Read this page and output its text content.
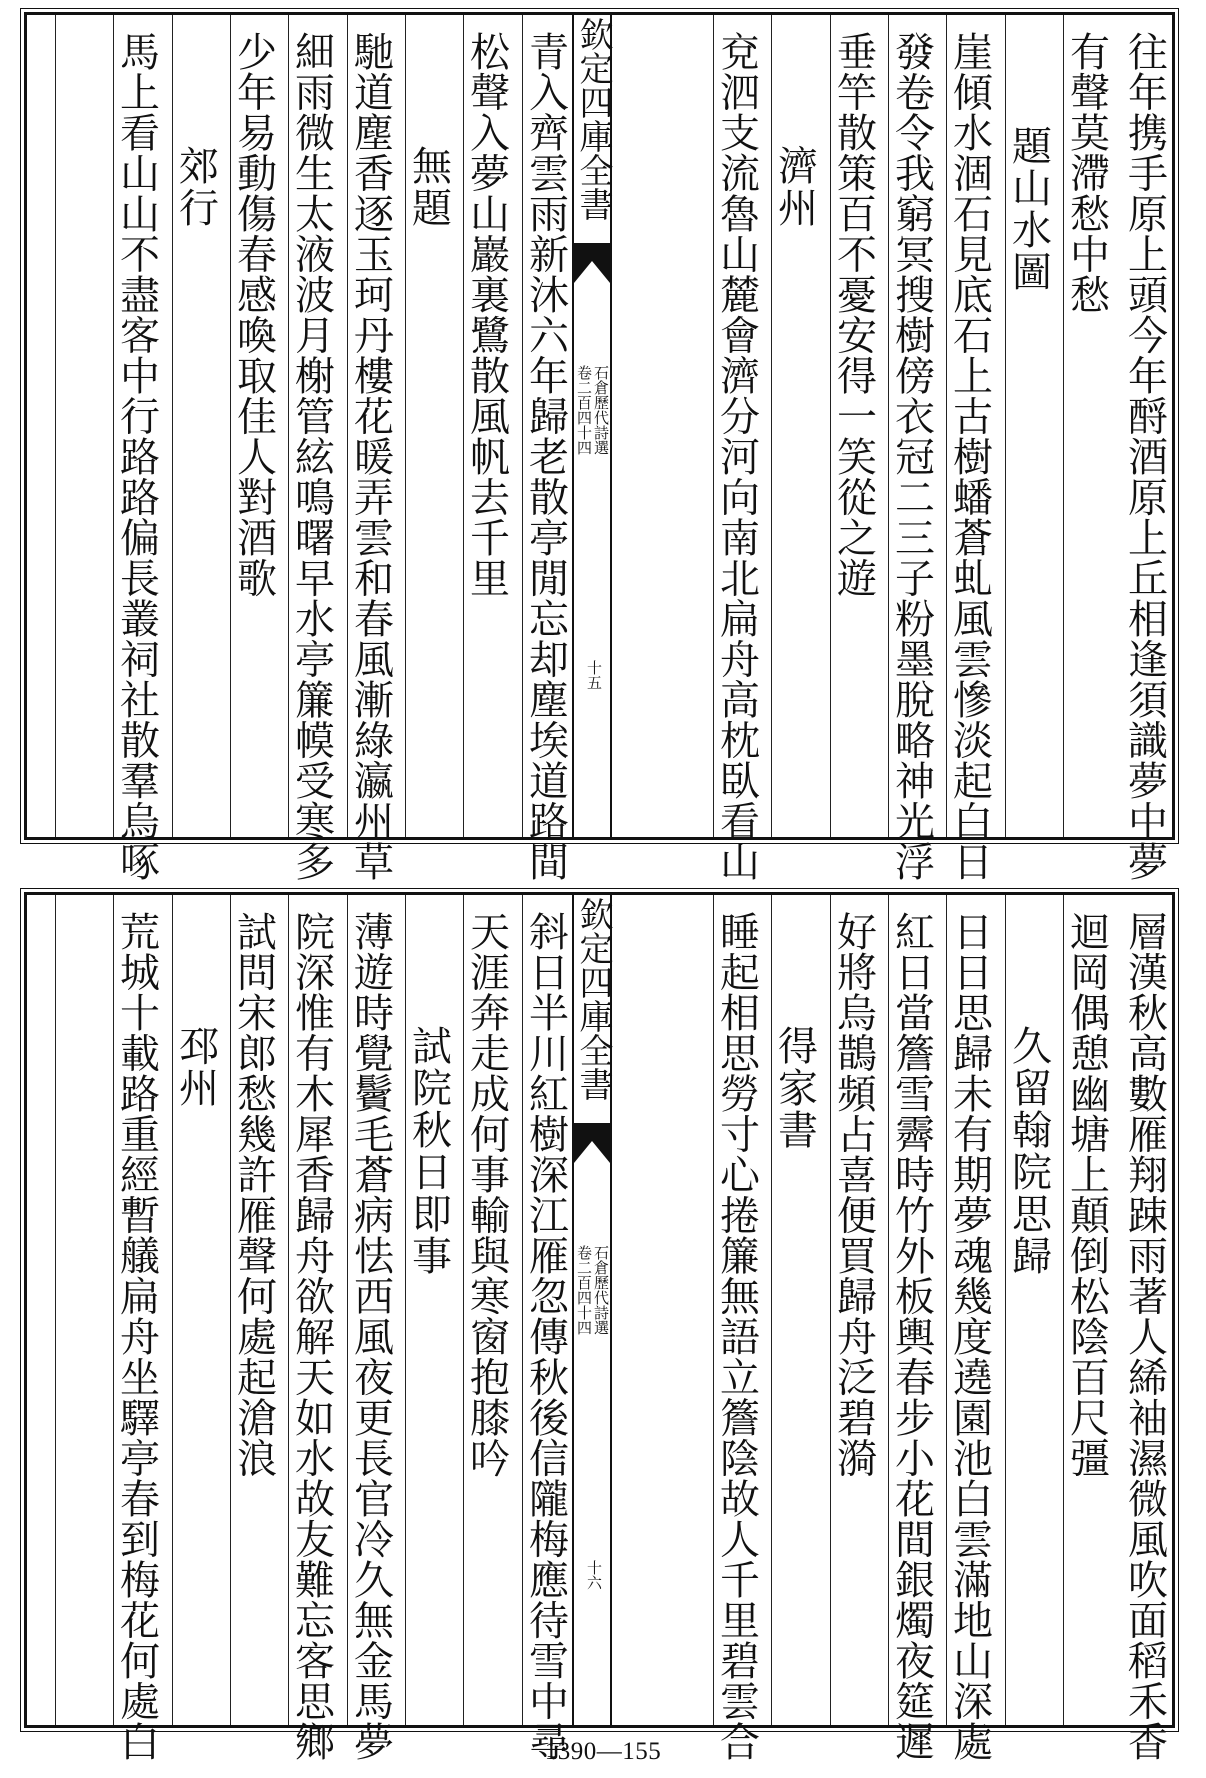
往年携手原上頭今年酹酒原上丘相逢須識夢中夢
有聲莫滯愁中愁
題山水圖
崖傾水涸石見底石上古樹蟠蒼虬風雲慘淡起白日
發卷令我窮冥搜樹傍衣冠二三子粉墨脫略神光浮
垂竿散策百不憂安得一笑從之遊
濟州
兗泗支流魯山麓會濟分河向南北扁舟高枕臥看山
欽定四庫全書
石倉歷代詩選
卷二百四十四
十五
青入齊雲雨新沐六年歸老散亭閒忘却塵埃道路間
松聲入夢山巖裏鷺散風帆去千里
無題
馳道塵香逐玉珂丹樓花暖弄雲和春風漸綠瀛州草
細雨微生太液波月榭管絃鳴曙早水亭簾幙受寒多
少年易動傷春感喚取佳人對酒歌
郊行
馬上看山山不盡客中行路路偏長叢祠社散羣烏啄
層漢秋高數雁翔踈雨著人絺袖濕微風吹面稻禾香
迴岡偶憩幽塘上顛倒松陰百尺彊
久留翰院思歸
日日思歸未有期夢魂幾度遶園池白雲滿地山深處
紅日當簷雪霽時竹外板輿春步小花間銀燭夜筵遲
好將烏鵲頻占喜便買歸舟泛碧漪
得家書
睡起相思勞寸心捲簾無語立簷陰故人千里碧雲合
欽定四庫全書
石倉歷代詩選
卷二百四十四
十六
斜日半川紅樹深江雁忽傳秋後信隴梅應待雪中尋
天涯奔走成何事輸與寒窗抱膝吟
試院秋日即事
薄遊時覺鬢毛蒼病怯西風夜更長官冷久無金馬夢
院深惟有木犀香歸舟欲解天如水故友難忘客思鄉
試問宋郎愁幾許雁聲何處起滄浪
邳州
荒城十載路重經暫艤扁舟坐驛亭春到梅花何處白	1390—155
